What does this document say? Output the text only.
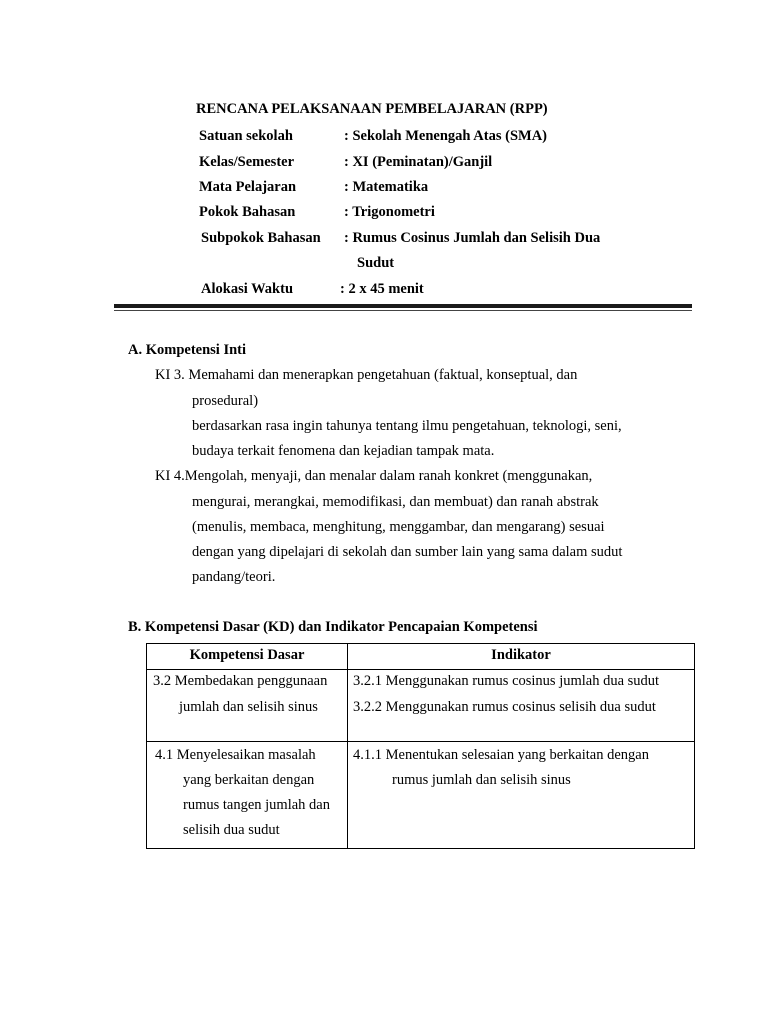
RENCANA PELAKSANAAN PEMBELAJARAN (RPP)
Satuan sekolah	: Sekolah Menengah Atas (SMA)
Kelas/Semester	: XI (Peminatan)/Ganjil
Mata Pelajaran	: Matematika
Pokok Bahasan	: Trigonometri
Subpokok Bahasan : Rumus Cosinus Jumlah dan Selisih Dua
Sudut
Alokasi Waktu	: 2 x 45 menit
A. Kompetensi Inti
KI 3. Memahami dan menerapkan pengetahuan (faktual, konseptual, dan
prosedural)
berdasarkan rasa ingin tahunya tentang ilmu pengetahuan, teknologi, seni,
budaya terkait fenomena dan kejadian tampak mata.
KI 4.Mengolah, menyaji, dan menalar dalam ranah konkret (menggunakan,
mengurai, merangkai, memodifikasi, dan membuat) dan ranah abstrak
(menulis, membaca, menghitung, menggambar, dan mengarang) sesuai
dengan yang dipelajari di sekolah dan sumber lain yang sama dalam sudut
pandang/teori.
B. Kompetensi Dasar (KD) dan Indikator Pencapaian Kompetensi
Kompetensi Dasar	Indikator

3.2 Membedakan penggunaan
jumlah dan selisih sinus	3.2.1 Menggunakan rumus cosinus jumlah dua sudut
3.2.2 Menggunakan rumus cosinus selisih dua sudut

4.1 Menyelesaikan masalah
yang berkaitan dengan
rumus tangen jumlah dan
selisih dua sudut	4.1.1 Menentukan selesaian yang berkaitan dengan
rumus jumlah dan selisih sinus
